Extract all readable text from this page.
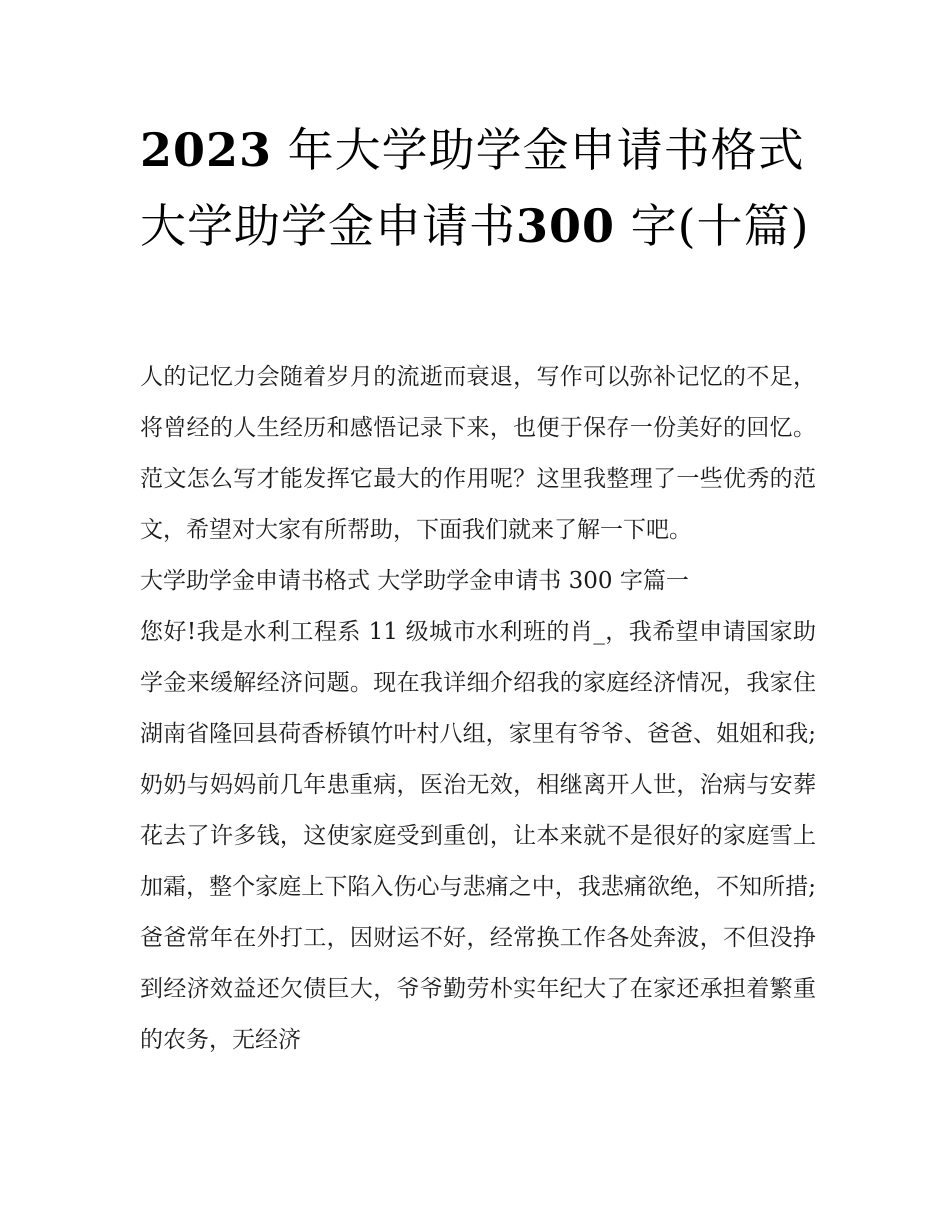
2023 年大学助学金申请书格式大学助学金申请书300 字(十篇)

人的记忆力会随着岁月的流逝而衰退，写作可以弥补记忆的不足，将曾经的人生经历和感悟记录下来，也便于保存一份美好的回忆。范文怎么写才能发挥它最大的作用呢？这里我整理了一些优秀的范文，希望对大家有所帮助，下面我们就来了解一下吧。

大学助学金申请书格式 大学助学金申请书 300 字篇一

您好!我是水利工程系 11 级城市水利班的肖_，我希望申请国家助学金来缓解经济问题。现在我详细介绍我的家庭经济情况，我家住湖南省隆回县荷香桥镇竹叶村八组，家里有爷爷、爸爸、姐姐和我;奶奶与妈妈前几年患重病，医治无效，相继离开人世，治病与安葬花去了许多钱，这使家庭受到重创，让本来就不是很好的家庭雪上加霜，整个家庭上下陷入伤心与悲痛之中，我悲痛欲绝，不知所措;爸爸常年在外打工，因财运不好，经常换工作各处奔波，不但没挣到经济效益还欠债巨大，爷爷勤劳朴实年纪大了在家还承担着繁重的农务，无经济
